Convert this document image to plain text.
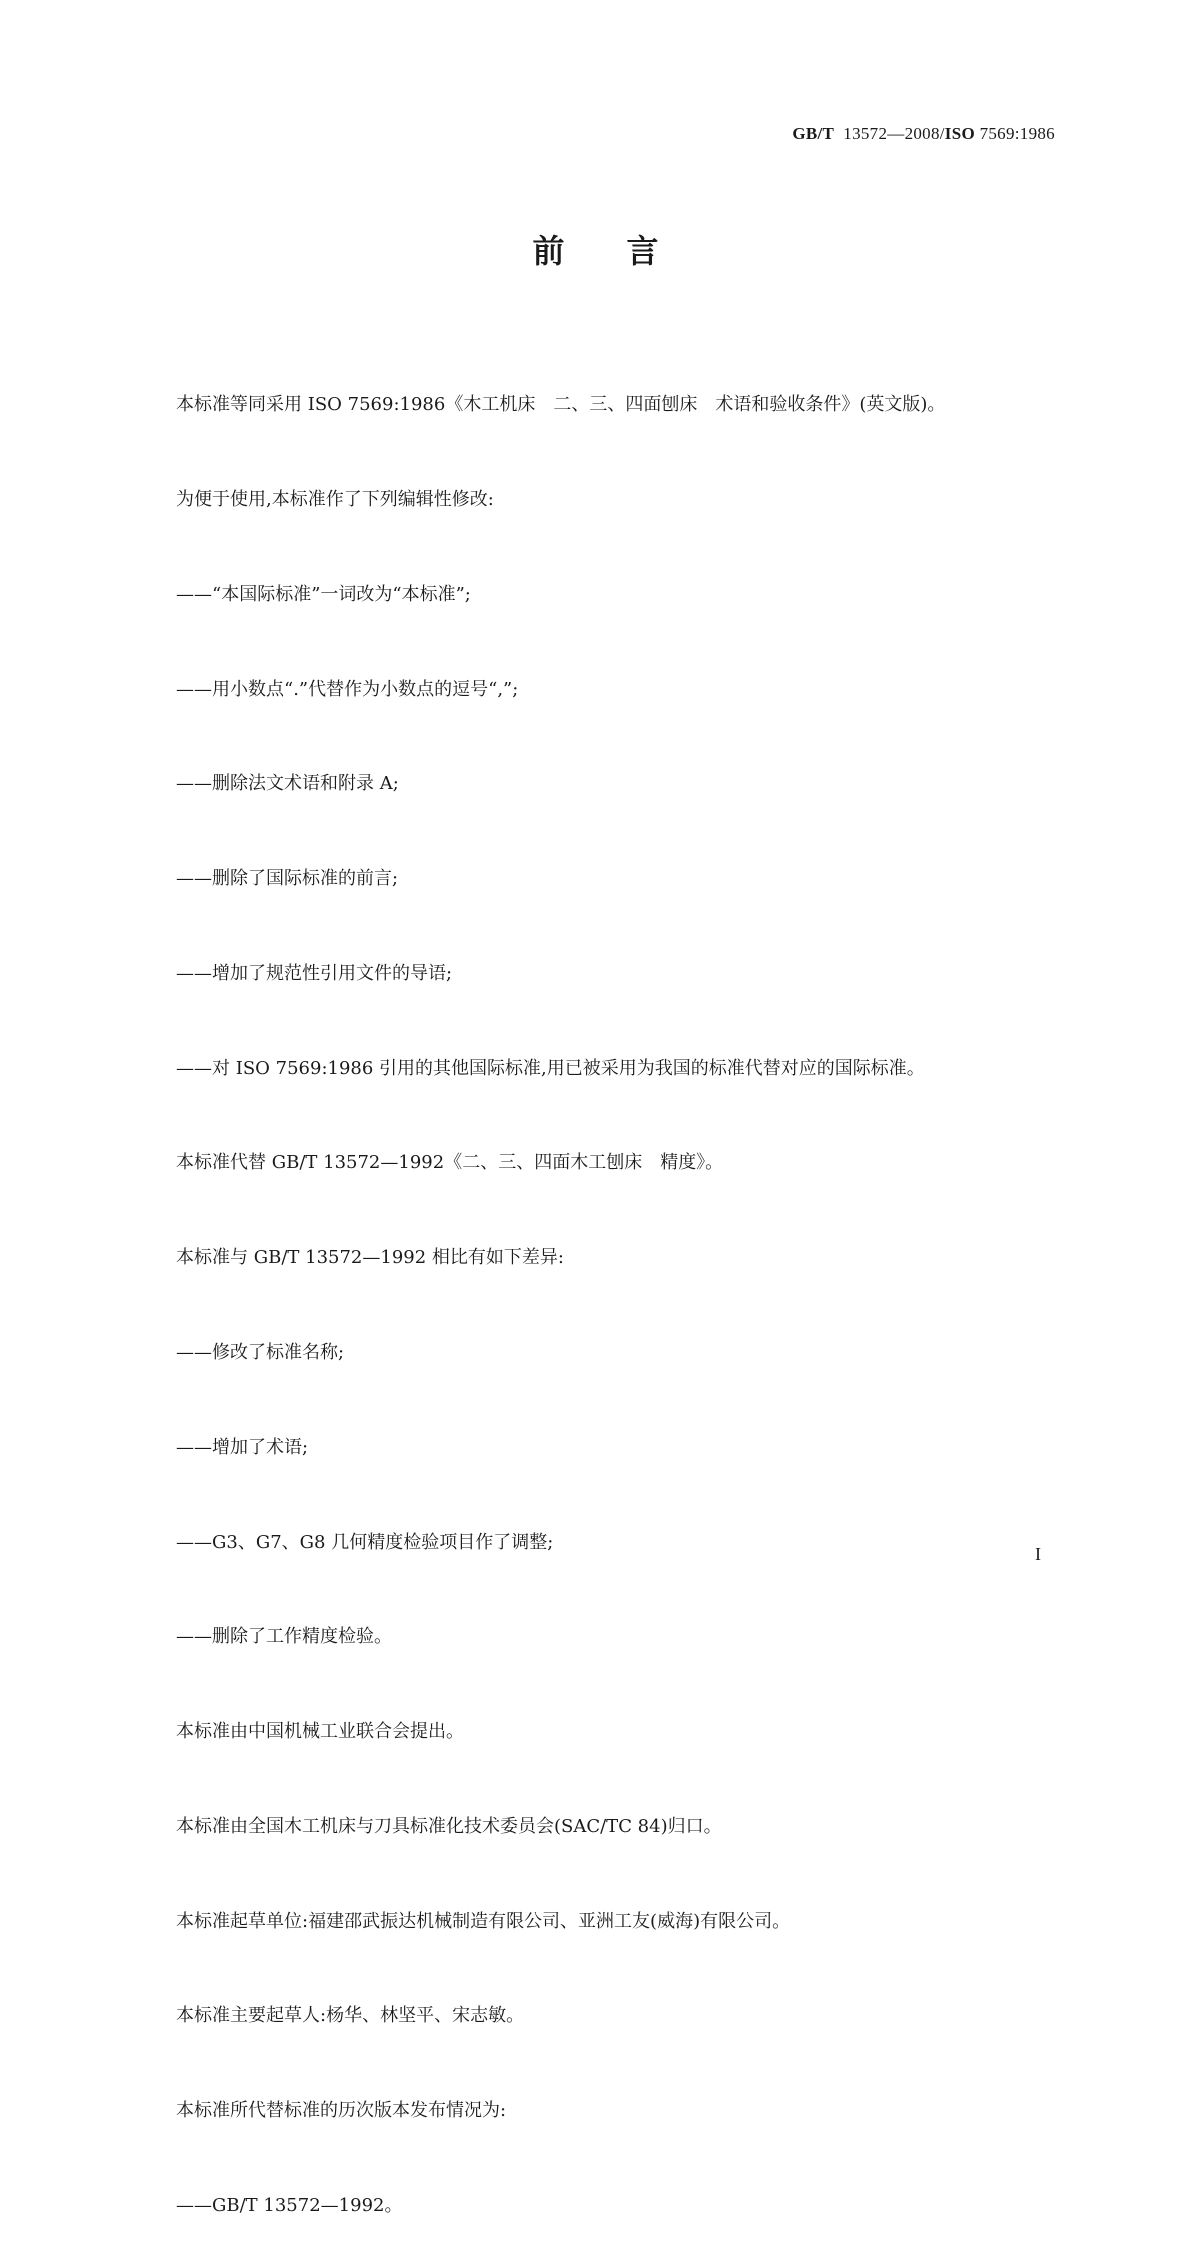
GB/T 13572—2008/ISO 7569:1986
前 言

本标准等同采用 ISO 7569:1986《木工机床　二、三、四面刨床　术语和验收条件》(英文版)。

为便于使用,本标准作了下列编辑性修改:

——“本国际标准”一词改为“本标准”;

——用小数点“.”代替作为小数点的逗号“,”;

——删除法文术语和附录 A;

——删除了国际标准的前言;

——增加了规范性引用文件的导语;

——对 ISO 7569:1986 引用的其他国际标准,用已被采用为我国的标准代替对应的国际标准。

本标准代替 GB/T 13572—1992《二、三、四面木工刨床　精度》。

本标准与 GB/T 13572—1992 相比有如下差异:

——修改了标准名称;

——增加了术语;

——G3、G7、G8 几何精度检验项目作了调整;

——删除了工作精度检验。

本标准由中国机械工业联合会提出。

本标准由全国木工机床与刀具标准化技术委员会(SAC/TC 84)归口。

本标准起草单位:福建邵武振达机械制造有限公司、亚洲工友(威海)有限公司。

本标准主要起草人:杨华、林坚平、宋志敏。

本标准所代替标准的历次版本发布情况为:

——GB/T 13572—1992。

I
